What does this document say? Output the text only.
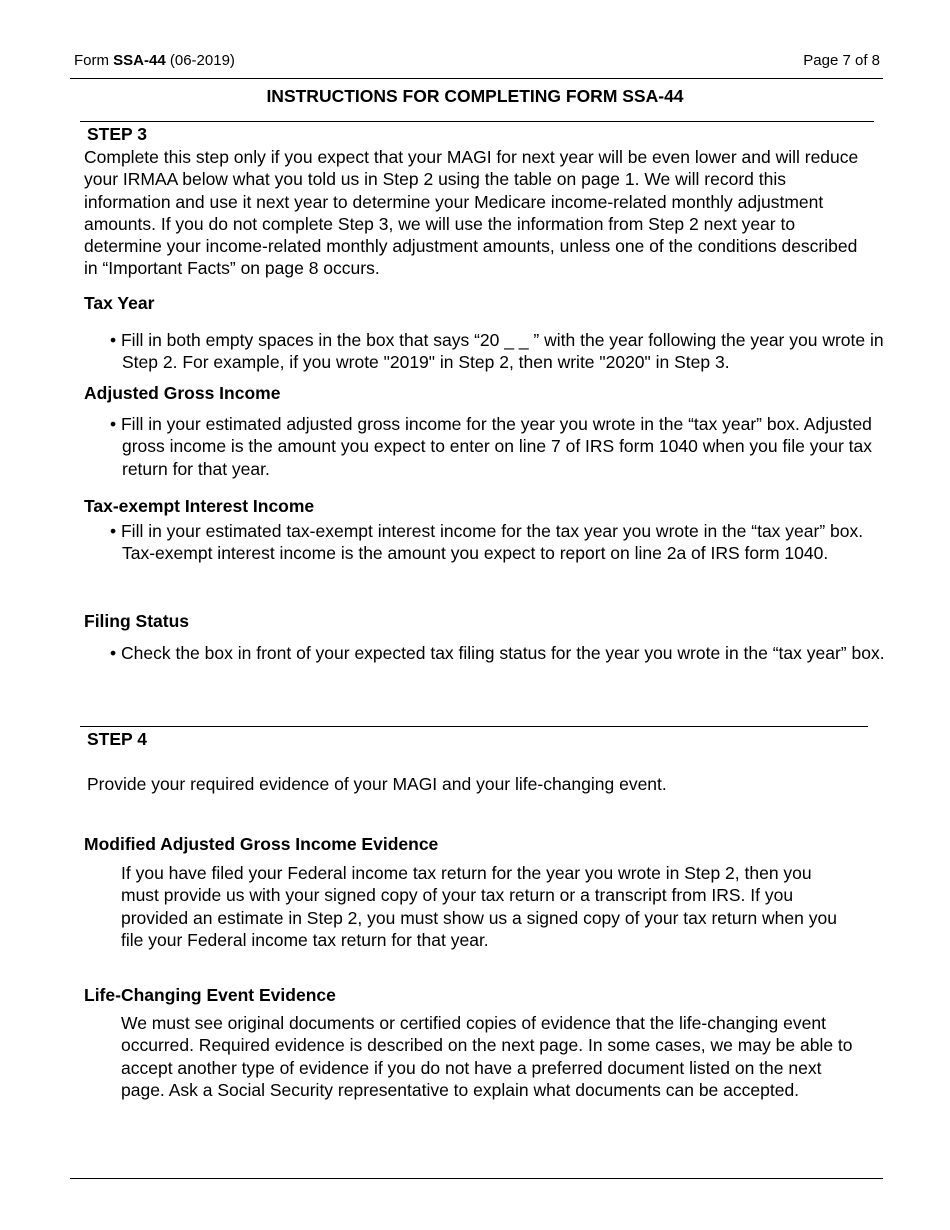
Form SSA-44 (06-2019)	Page 7 of 8
INSTRUCTIONS FOR COMPLETING FORM SSA-44
STEP 3
Complete this step only if you expect that your MAGI for next year will be even lower and will reduce your IRMAA below what you told us in Step 2 using the table on page 1. We will record this information and use it next year to determine your Medicare income-related monthly adjustment amounts. If you do not complete Step 3, we will use the information from Step 2 next year to determine your income-related monthly adjustment amounts, unless one of the conditions described in “Important Facts” on page 8 occurs.
Tax Year
• Fill in both empty spaces in the box that says “20 _ _ ” with the year following the year you wrote in Step 2. For example, if you wrote "2019" in Step 2, then write "2020" in Step 3.
Adjusted Gross Income
• Fill in your estimated adjusted gross income for the year you wrote in the “tax year” box. Adjusted gross income is the amount you expect to enter on line 7 of IRS form 1040 when you file your tax return for that year.
Tax-exempt Interest Income
• Fill in your estimated tax-exempt interest income for the tax year you wrote in the “tax year” box. Tax-exempt interest income is the amount you expect to report on line 2a of IRS form 1040.
Filing Status
• Check the box in front of your expected tax filing status for the year you wrote in the “tax year” box.
STEP 4
Provide your required evidence of your MAGI and your life-changing event.
Modified Adjusted Gross Income Evidence
If you have filed your Federal income tax return for the year you wrote in Step 2, then you must provide us with your signed copy of your tax return or a transcript from IRS. If you provided an estimate in Step 2, you must show us a signed copy of your tax return when you file your Federal income tax return for that year.
Life-Changing Event Evidence
We must see original documents or certified copies of evidence that the life-changing event occurred. Required evidence is described on the next page. In some cases, we may be able to accept another type of evidence if you do not have a preferred document listed on the next page. Ask a Social Security representative to explain what documents can be accepted.
